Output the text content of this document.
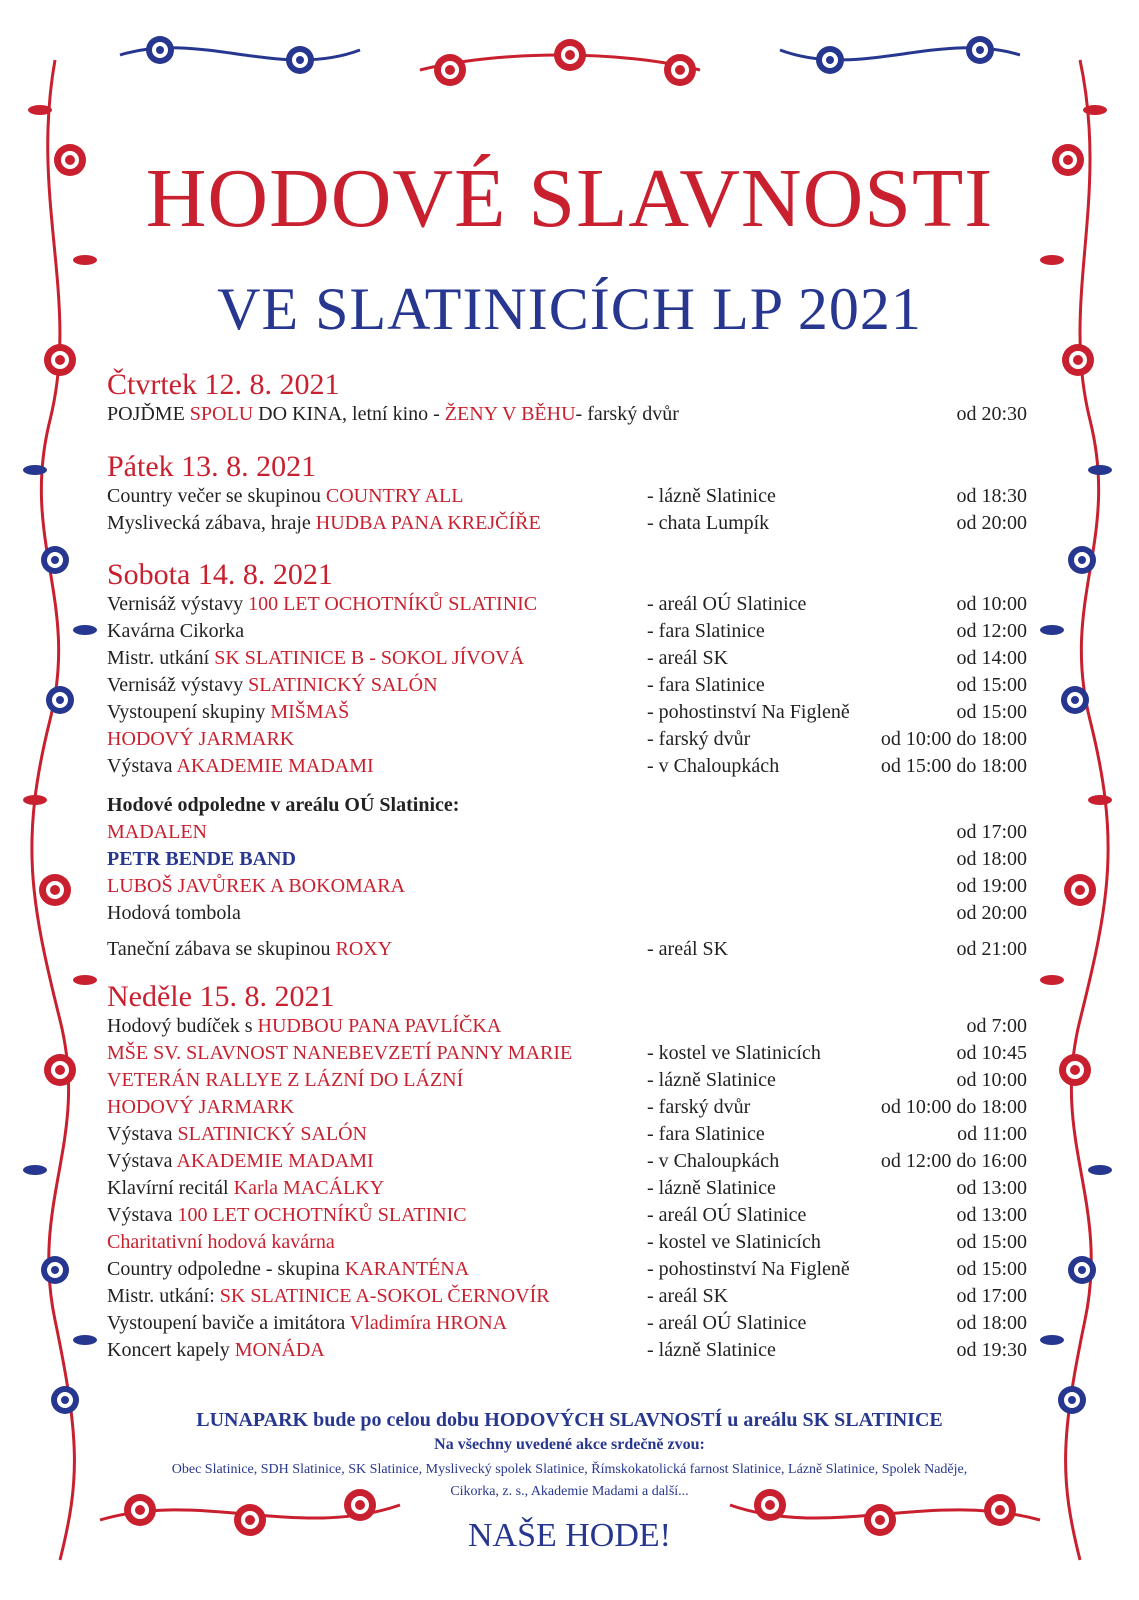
HODOVÉ SLAVNOSTI
VE SLATINICÍCH LP 2021
Čtvrtek 12. 8. 2021
POJĎME SPOLU DO KINA, letní kino - ŽENY V BĚHU- farský dvůr	od 20:30
Pátek 13. 8. 2021
Country večer se skupinou COUNTRY ALL	- lázně Slatinice	od 18:30
Myslivecká zábava, hraje HUDBA PANA KREJČÍŘE	- chata Lumpík	od 20:00
Sobota 14. 8. 2021
Vernisáž výstavy 100 LET OCHOTNÍKŮ SLATINIC	- areál OÚ Slatinice	od 10:00
Kavárna Cikorka	- fara Slatinice	od 12:00
Mistr. utkání SK SLATINICE B - SOKOL JÍVOVÁ	- areál SK	od 14:00
Vernisáž výstavy SLATINICKÝ SALÓN	- fara Slatinice	od 15:00
Vystoupení skupiny MIŠMAŠ	- pohostinství Na Figleně	od 15:00
HODOVÝ JARMARK	- farský dvůr	od 10:00 do 18:00
Výstava AKADEMIE MADAMI	- v Chaloupkách	od 15:00 do 18:00
Hodové odpoledne v areálu OÚ Slatinice:
MADALEN	od 17:00
PETR BENDE BAND	od 18:00
LUBOŠ JAVŮREK A BOKOMARA	od 19:00
Hodová tombola	od 20:00
Taneční zábava se skupinou ROXY	- areál SK	od 21:00
Neděle 15. 8. 2021
Hodový budíček s HUDBOU PANA PAVLÍČKA	od 7:00
MŠE SV. SLAVNOST NANEBEVZETÍ PANNY MARIE	- kostel ve Slatinicích	od 10:45
VETERÁN RALLYE Z LÁZNÍ DO LÁZNÍ	- lázně Slatinice	od 10:00
HODOVÝ JARMARK	- farský dvůr	od 10:00 do 18:00
Výstava SLATINICKÝ SALÓN	- fara Slatinice	od 11:00
Výstava AKADEMIE MADAMI	- v Chaloupkách	od 12:00 do 16:00
Klavírní recitál Karla MACÁLKY	- lázně Slatinice	od 13:00
Výstava 100 LET OCHOTNÍKŮ SLATINIC	- areál OÚ Slatinice	od 13:00
Charitativní hodová kavárna	- kostel ve Slatinicích	od 15:00
Country odpoledne - skupina KARANTÉNA	- pohostinství Na Figleně	od 15:00
Mistr. utkání: SK SLATINICE A-SOKOL ČERNOVÍR	- areál SK	od 17:00
Vystoupení baviče a imitátora Vladimíra HRONA	- areál OÚ Slatinice	od 18:00
Koncert kapely MONÁDA	- lázně Slatinice	od 19:30
LUNAPARK bude po celou dobu HODOVÝCH SLAVNOSTÍ u areálu SK SLATINICE
Na všechny uvedené akce srdečně zvou:
Obec Slatinice, SDH Slatinice, SK Slatinice, Myslivecký spolek Slatinice, Římskokatolická farnost Slatinice, Lázně Slatinice, Spolek Naděje, Cikorka, z. s., Akademie Madami a další...
NAŠE HODE!
